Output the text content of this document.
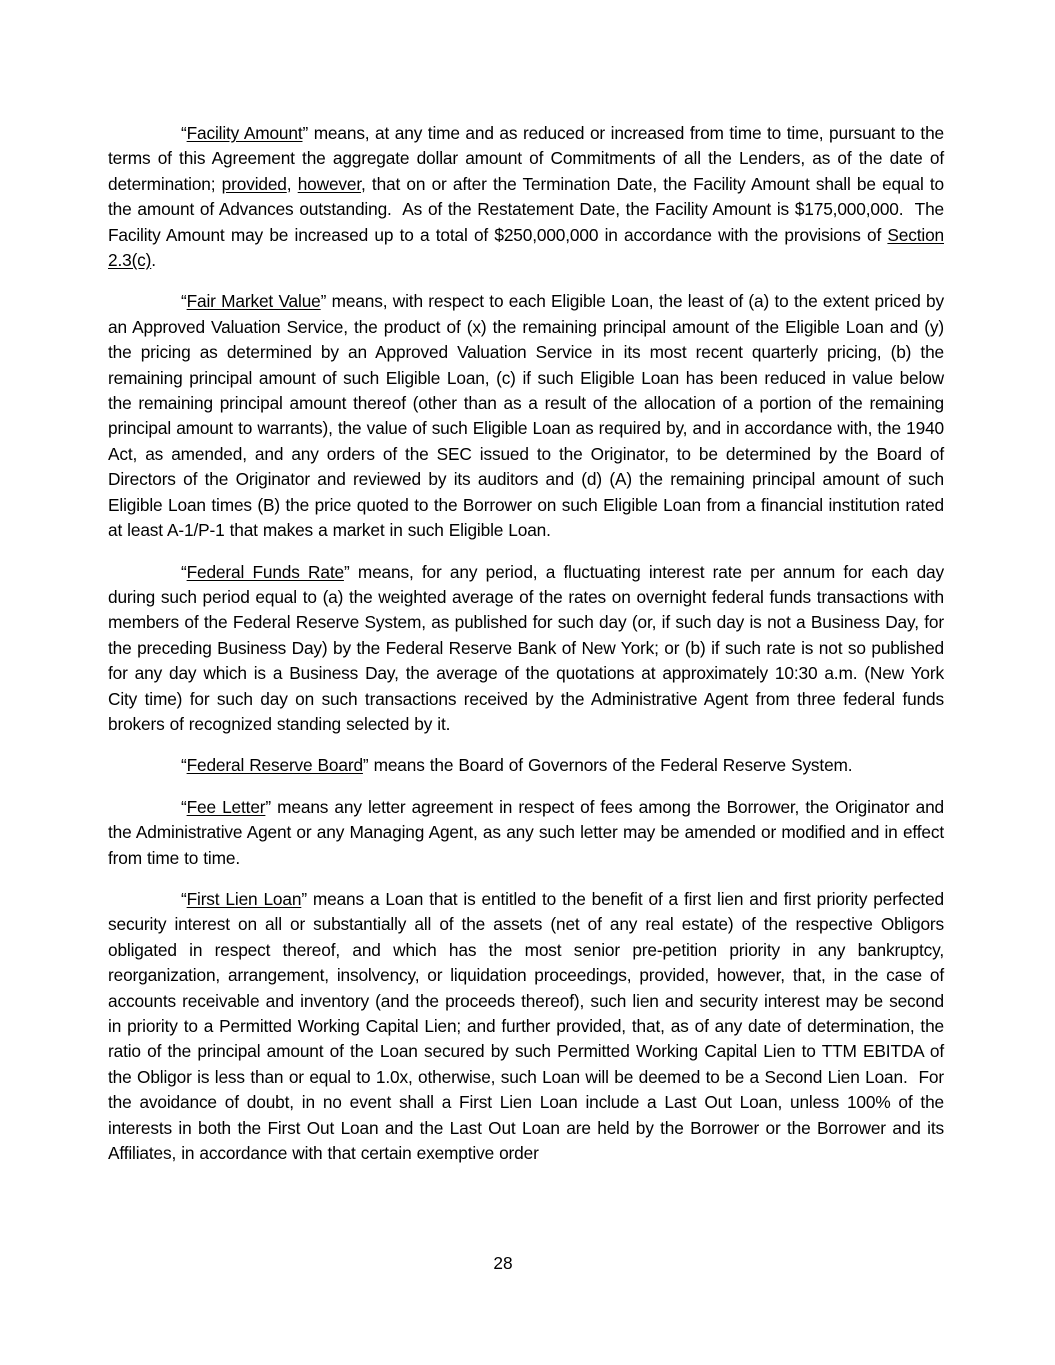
“Facility Amount” means, at any time and as reduced or increased from time to time, pursuant to the terms of this Agreement the aggregate dollar amount of Commitments of all the Lenders, as of the date of determination; provided, however, that on or after the Termination Date, the Facility Amount shall be equal to the amount of Advances outstanding.  As of the Restatement Date, the Facility Amount is $175,000,000.  The Facility Amount may be increased up to a total of $250,000,000 in accordance with the provisions of Section 2.3(c).

“Fair Market Value” means, with respect to each Eligible Loan, the least of (a) to the extent priced by an Approved Valuation Service, the product of (x) the remaining principal amount of the Eligible Loan and (y) the pricing as determined by an Approved Valuation Service in its most recent quarterly pricing, (b) the remaining principal amount of such Eligible Loan, (c) if such Eligible Loan has been reduced in value below the remaining principal amount thereof (other than as a result of the allocation of a portion of the remaining principal amount to warrants), the value of such Eligible Loan as required by, and in accordance with, the 1940 Act, as amended, and any orders of the SEC issued to the Originator, to be determined by the Board of Directors of the Originator and reviewed by its auditors and (d) (A) the remaining principal amount of such Eligible Loan times (B) the price quoted to the Borrower on such Eligible Loan from a financial institution rated at least A-1/P-1 that makes a market in such Eligible Loan.

“Federal Funds Rate” means, for any period, a fluctuating interest rate per annum for each day during such period equal to (a) the weighted average of the rates on overnight federal funds transactions with members of the Federal Reserve System, as published for such day (or, if such day is not a Business Day, for the preceding Business Day) by the Federal Reserve Bank of New York; or (b) if such rate is not so published for any day which is a Business Day, the average of the quotations at approximately 10:30 a.m. (New York City time) for such day on such transactions received by the Administrative Agent from three federal funds brokers of recognized standing selected by it.

“Federal Reserve Board” means the Board of Governors of the Federal Reserve System.

“Fee Letter” means any letter agreement in respect of fees among the Borrower, the Originator and the Administrative Agent or any Managing Agent, as any such letter may be amended or modified and in effect from time to time.

“First Lien Loan” means a Loan that is entitled to the benefit of a first lien and first priority perfected security interest on all or substantially all of the assets (net of any real estate) of the respective Obligors obligated in respect thereof, and which has the most senior pre-petition priority in any bankruptcy, reorganization, arrangement, insolvency, or liquidation proceedings, provided, however, that, in the case of accounts receivable and inventory (and the proceeds thereof), such lien and security interest may be second in priority to a Permitted Working Capital Lien; and further provided, that, as of any date of determination, the ratio of the principal amount of the Loan secured by such Permitted Working Capital Lien to TTM EBITDA of the Obligor is less than or equal to 1.0x, otherwise, such Loan will be deemed to be a Second Lien Loan.  For the avoidance of doubt, in no event shall a First Lien Loan include a Last Out Loan, unless 100% of the interests in both the First Out Loan and the Last Out Loan are held by the Borrower or the Borrower and its Affiliates, in accordance with that certain exemptive order

28
